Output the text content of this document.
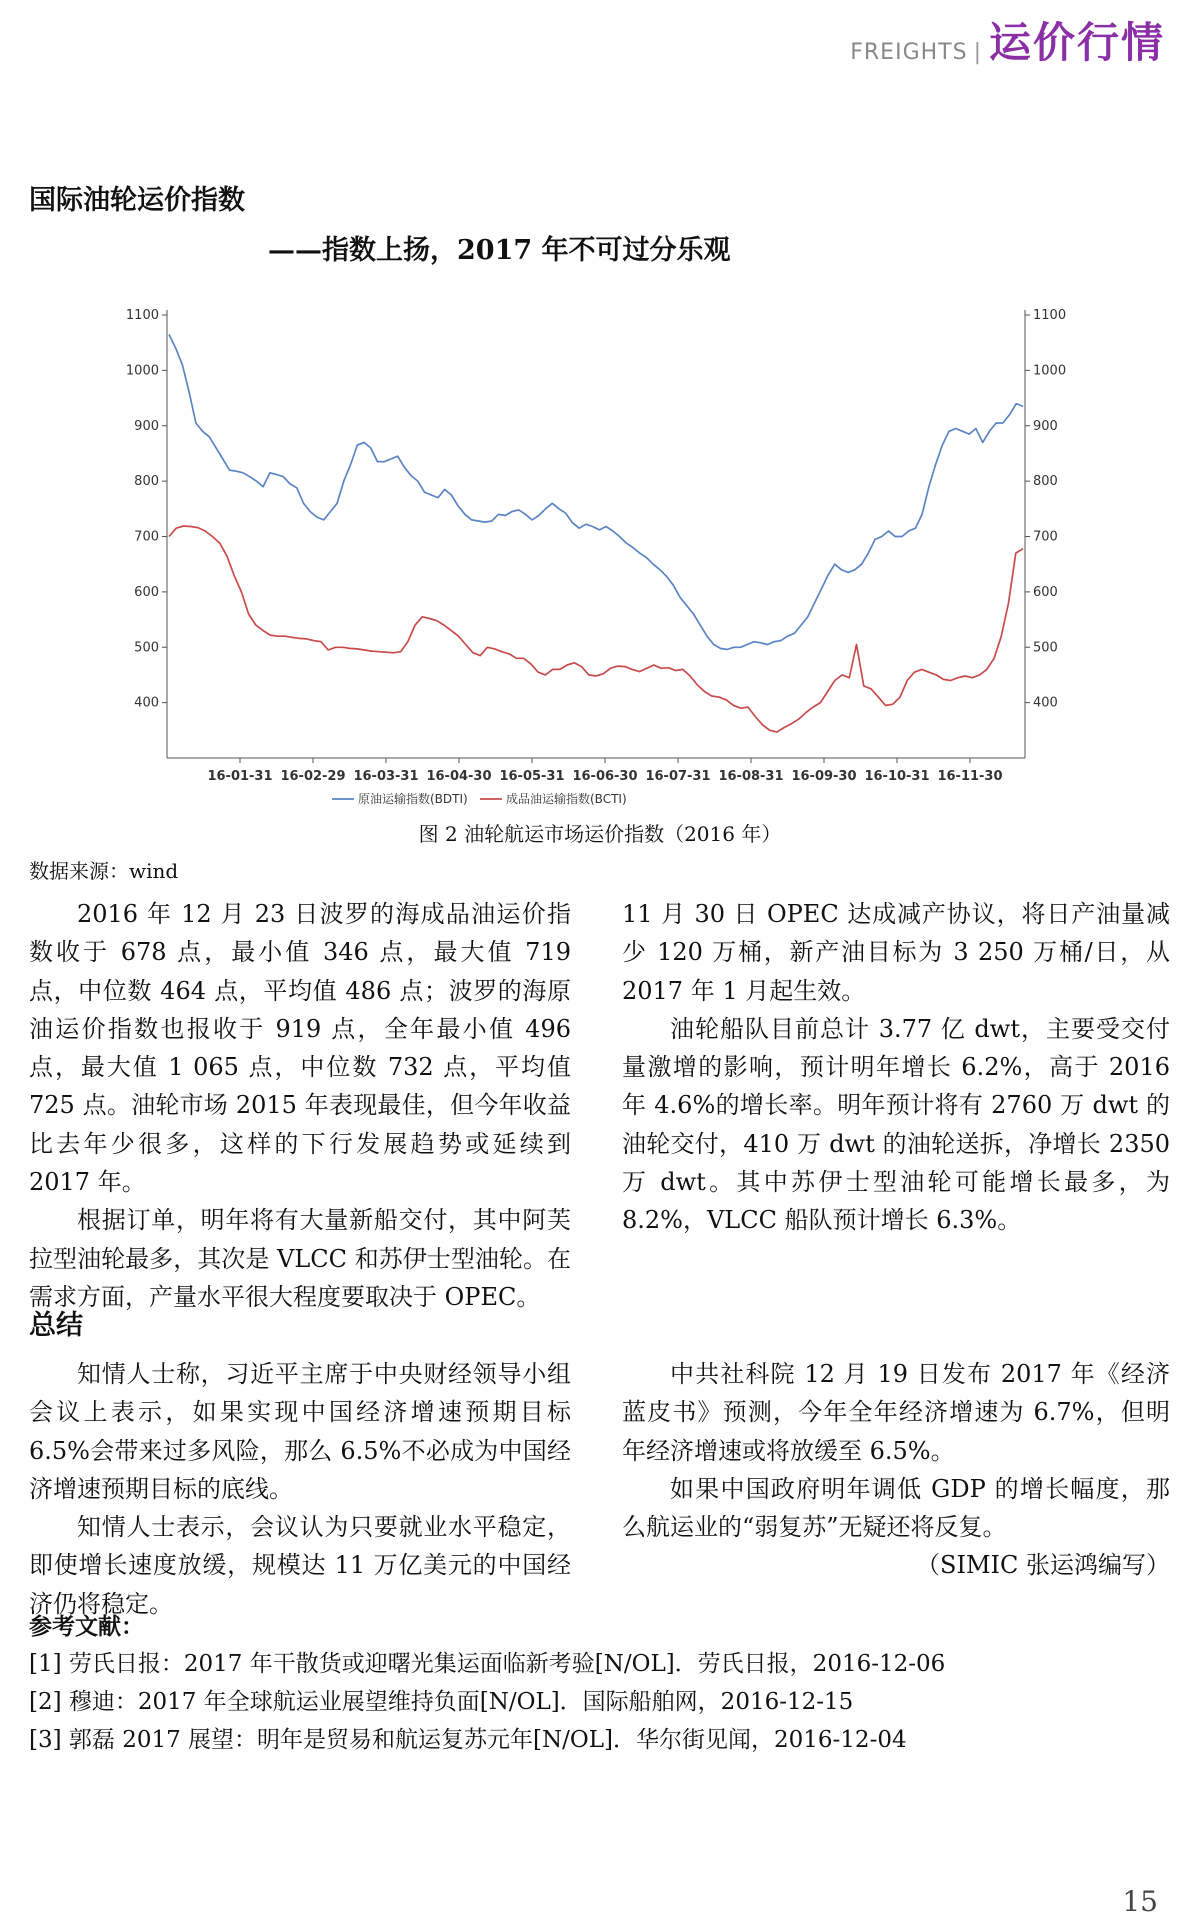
FREIGHTS | 运价行情
国际油轮运价指数
——指数上扬，2017 年不可过分乐观
1100	1100
1000	1000
900	900
800	800
700	700
600	600
500	500
400	400
16-01-31 16-02-29 16-03-31 16-04-30 16-05-31 16-06-30 16-07-31 16-08-31 16-09-30 16-10-31 16-11-30
原油运输指数(BDTI)	成品油运输指数(BCTI)
图 2 油轮航运市场运价指数（2016 年）
数据来源：wind

2016 年 12 月 23 日波罗的海成品油运价指数收于 678 点，最小值 346 点，最大值 719 点，中位数 464 点，平均值 486 点；波罗的海原油运价指数也报收于 919 点，全年最小值 496 点，最大值 1 065 点，中位数 732 点，平均值 725 点。油轮市场 2015 年表现最佳，但今年收益比去年少很多，这样的下行发展趋势或延续到 2017 年。

根据订单，明年将有大量新船交付，其中阿芙拉型油轮最多，其次是 VLCC 和苏伊士型油轮。在需求方面，产量水平很大程度要取决于 OPEC。

11 月 30 日 OPEC 达成减产协议，将日产油量减少 120 万桶，新产油目标为 3 250 万桶/日，从 2017 年 1 月起生效。

油轮船队目前总计 3.77 亿 dwt，主要受交付量激增的影响，预计明年增长 6.2%，高于 2016 年 4.6%的增长率。明年预计将有 2760 万 dwt 的油轮交付，410 万 dwt 的油轮送拆，净增长 2350 万 dwt。其中苏伊士型油轮可能增长最多，为 8.2%，VLCC 船队预计增长 6.3%。

总结

知情人士称，习近平主席于中央财经领导小组会议上表示，如果实现中国经济增速预期目标 6.5%会带来过多风险，那么 6.5%不必成为中国经济增速预期目标的底线。

知情人士表示，会议认为只要就业水平稳定，即使增长速度放缓，规模达 11 万亿美元的中国经济仍将稳定。

中共社科院 12 月 19 日发布 2017 年《经济蓝皮书》预测，今年全年经济增速为 6.7%，但明年经济增速或将放缓至 6.5%。

如果中国政府明年调低 GDP 的增长幅度，那么航运业的“弱复苏”无疑还将反复。

（SIMIC 张运鸿编写）

参考文献：
[1] 劳氏日报：2017 年干散货或迎曙光集运面临新考验[N/OL]．劳氏日报，2016-12-06
[2] 穆迪：2017 年全球航运业展望维持负面[N/OL]．国际船舶网，2016-12-15
[3] 郭磊 2017 展望：明年是贸易和航运复苏元年[N/OL]．华尔街见闻，2016-12-04
15
